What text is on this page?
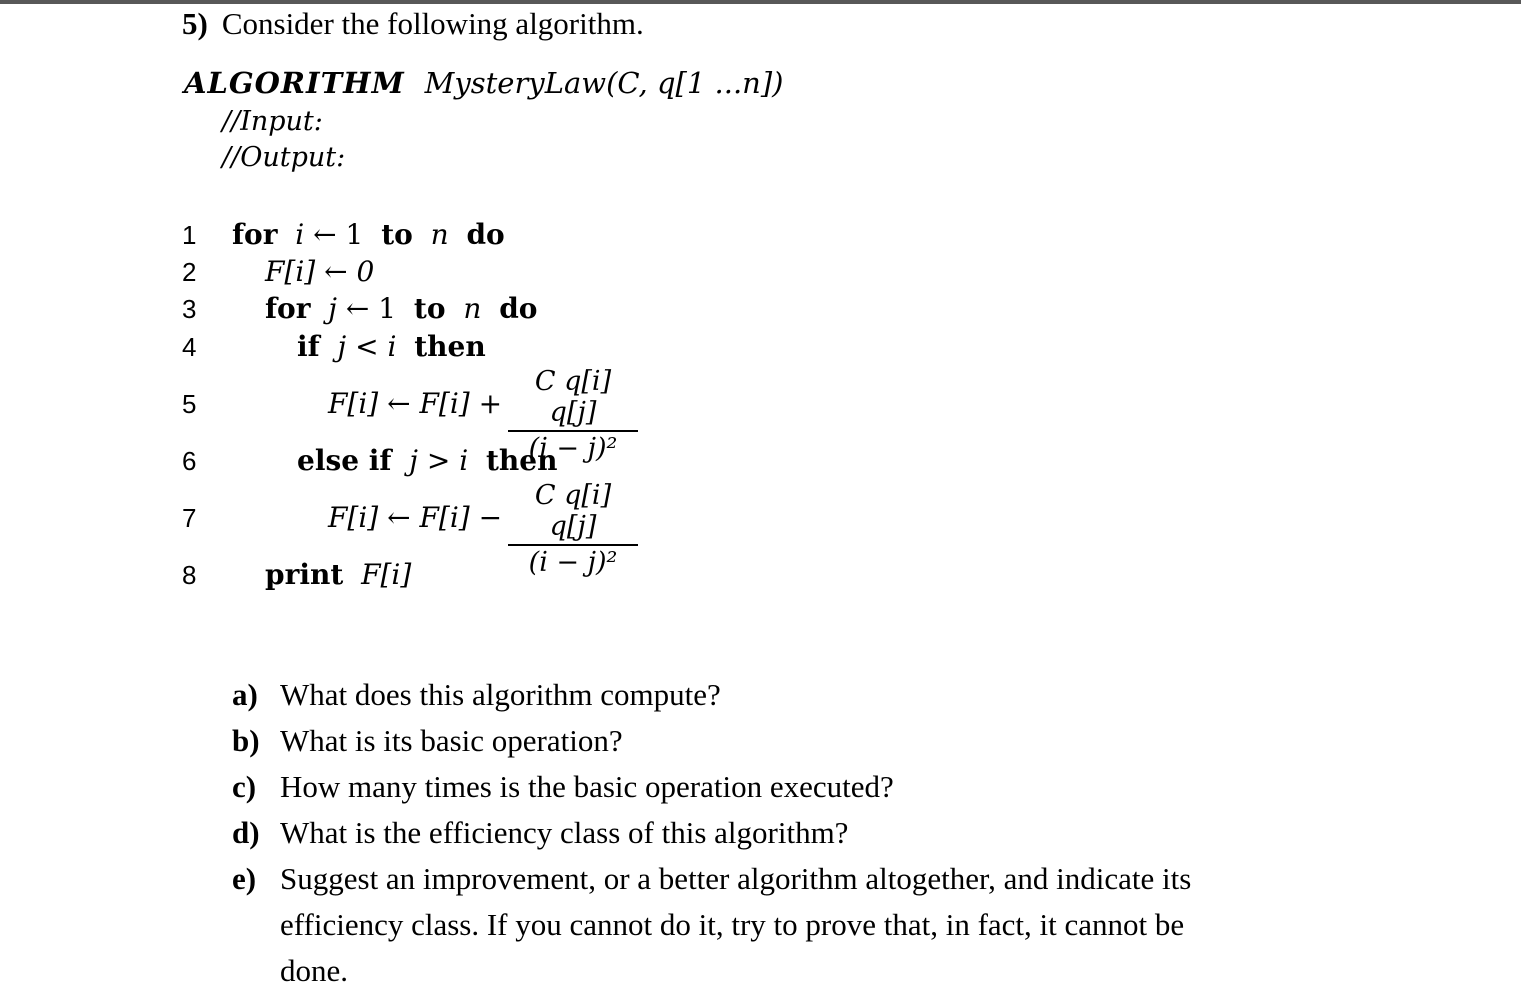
5) Consider the following algorithm.
ALGORITHM MysteryLaw(C, q[1 ...n])
//Input:
//Output:
1
2
3
4
5
6
7
8
for i ← 1 to n do
F[i] ← 0
for j ← 1 to n do
if j < i then
F[i] ← $F[i] + \frac{\text{C q[i] q[j]}}{\text{(i − j)²}}$
else if j > i then
F[i] ← $F[i] - \frac{\text{C q[i] q[j]}}{\text{(i − j)²}}$
print F[i]
a) What does this algorithm compute?
b) What is its basic operation?
c) How many times is the basic operation executed?
d) What is the efficiency class of this algorithm?
e) Suggest an improvement, or a better algorithm altogether, and indicate its efficiency class. If you cannot do it, try to prove that, in fact, it cannot be done.
